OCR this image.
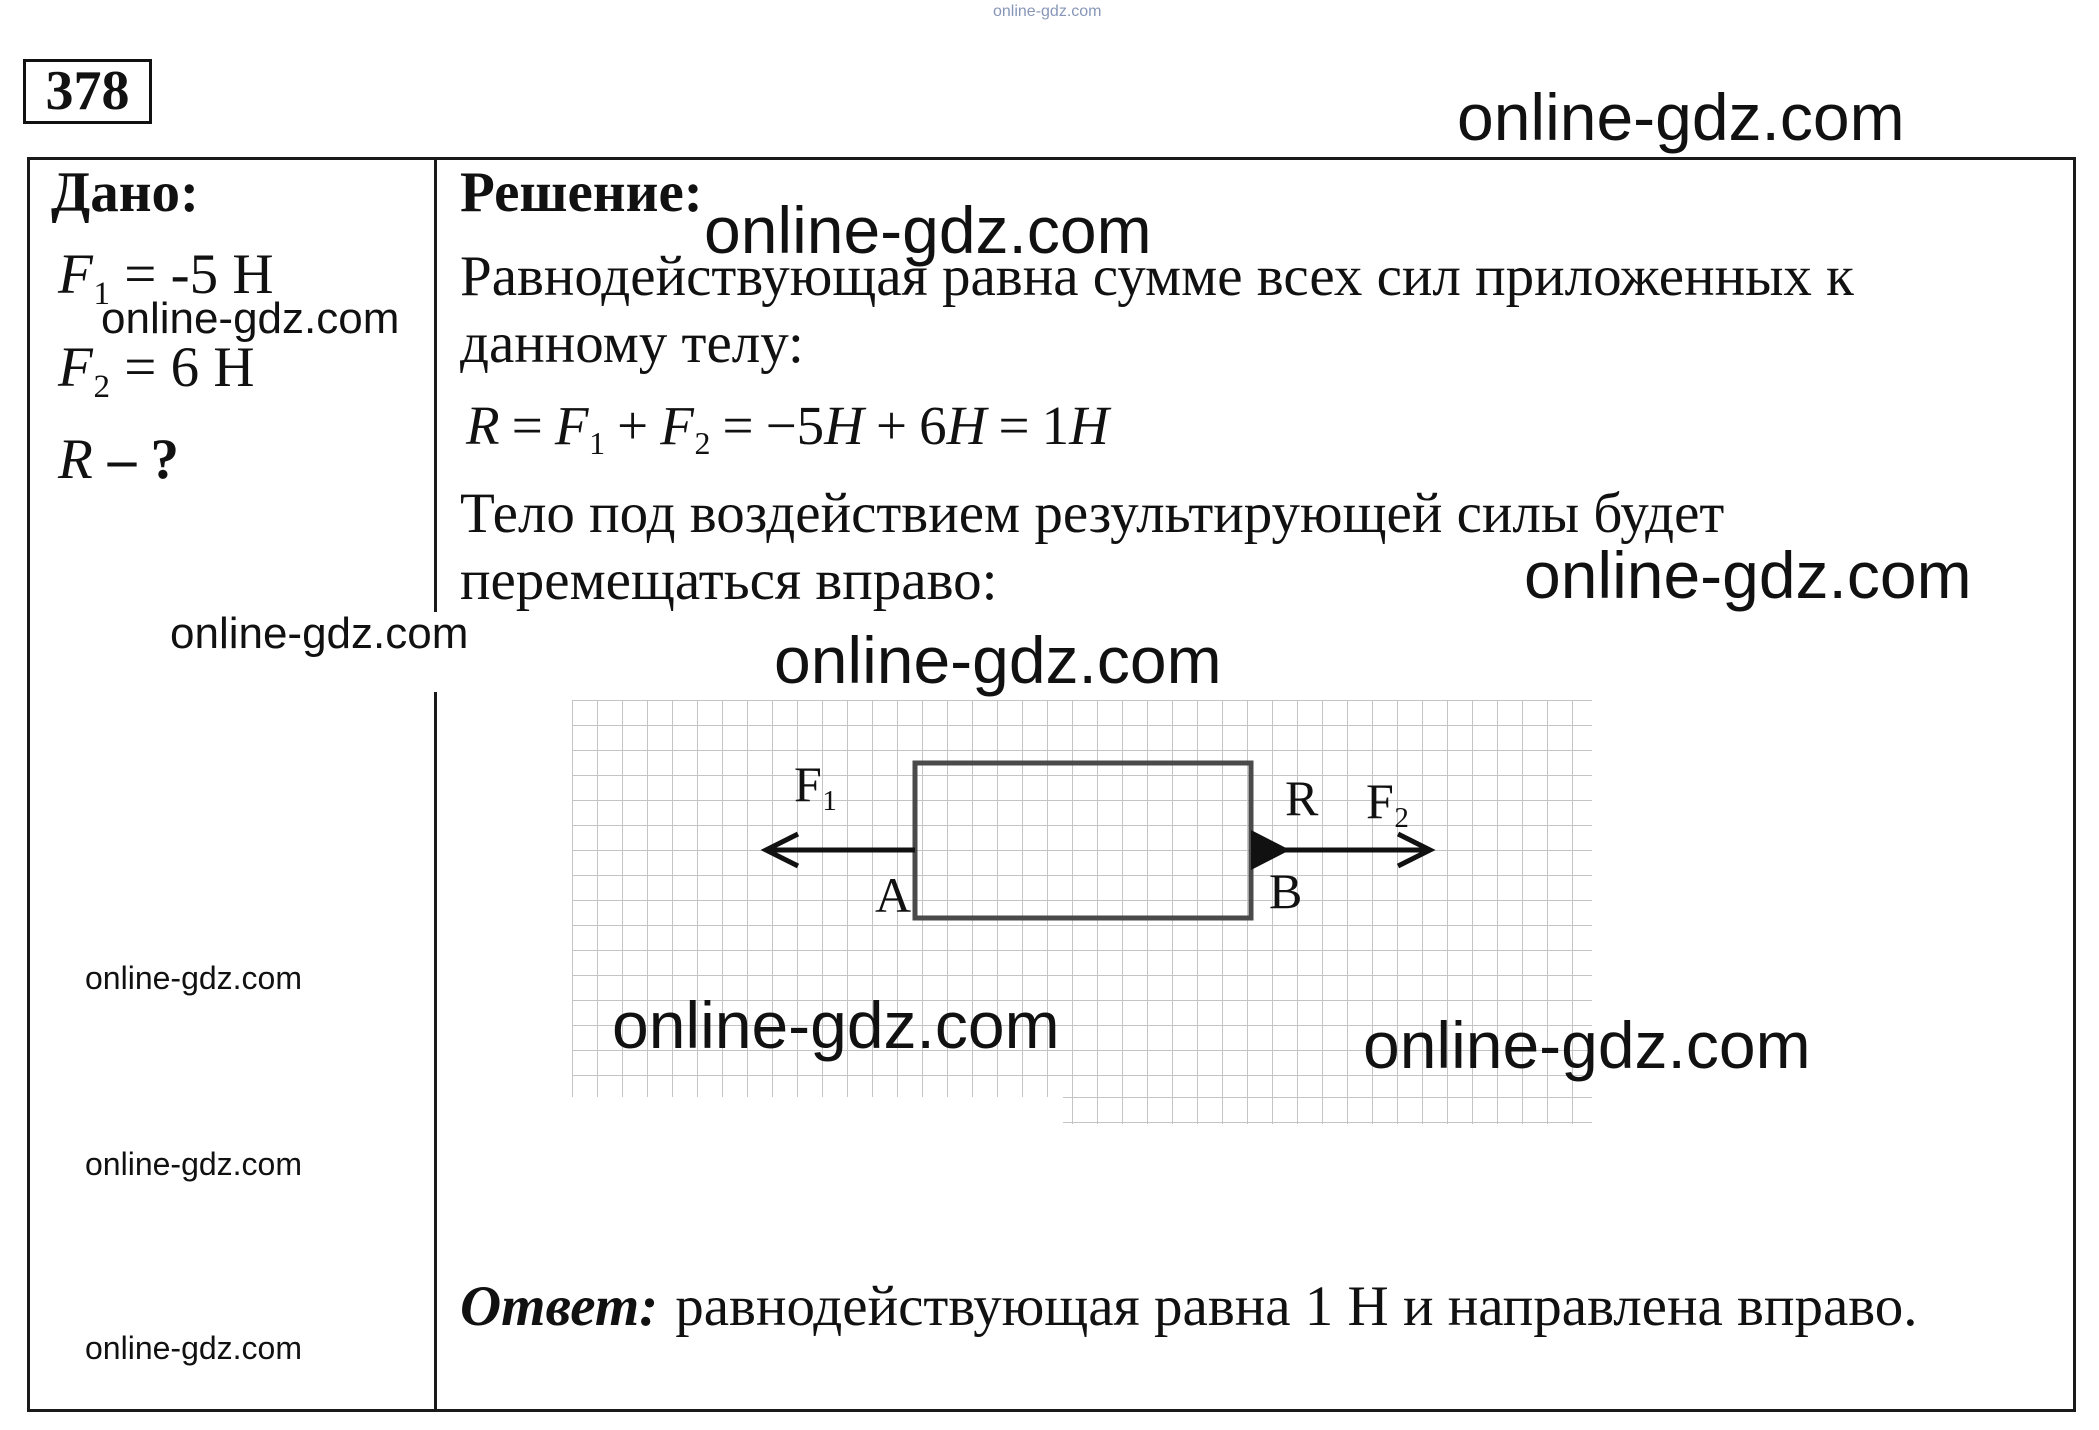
378
Дано:
F1 = -5 Н
F2 = 6 Н
R – ?
Решение:
Равнодействующая равна сумме всех сил приложенных к
данному телу:
R = F1 + F2 = −5H + 6H = 1H
Тело под воздействием результирующей силы будет
перемещаться вправо:
F1	R F2
A	B
Ответ: равнодействующая равна 1 Н и направлена вправо.
online-gdz.com
online-gdz.com
online-gdz.com
online-gdz.com
online-gdz.com
online-gdz.com
online-gdz.com
online-gdz.com	online-gdz.com
online-gdz.com
online-gdz.com
online-gdz.com
